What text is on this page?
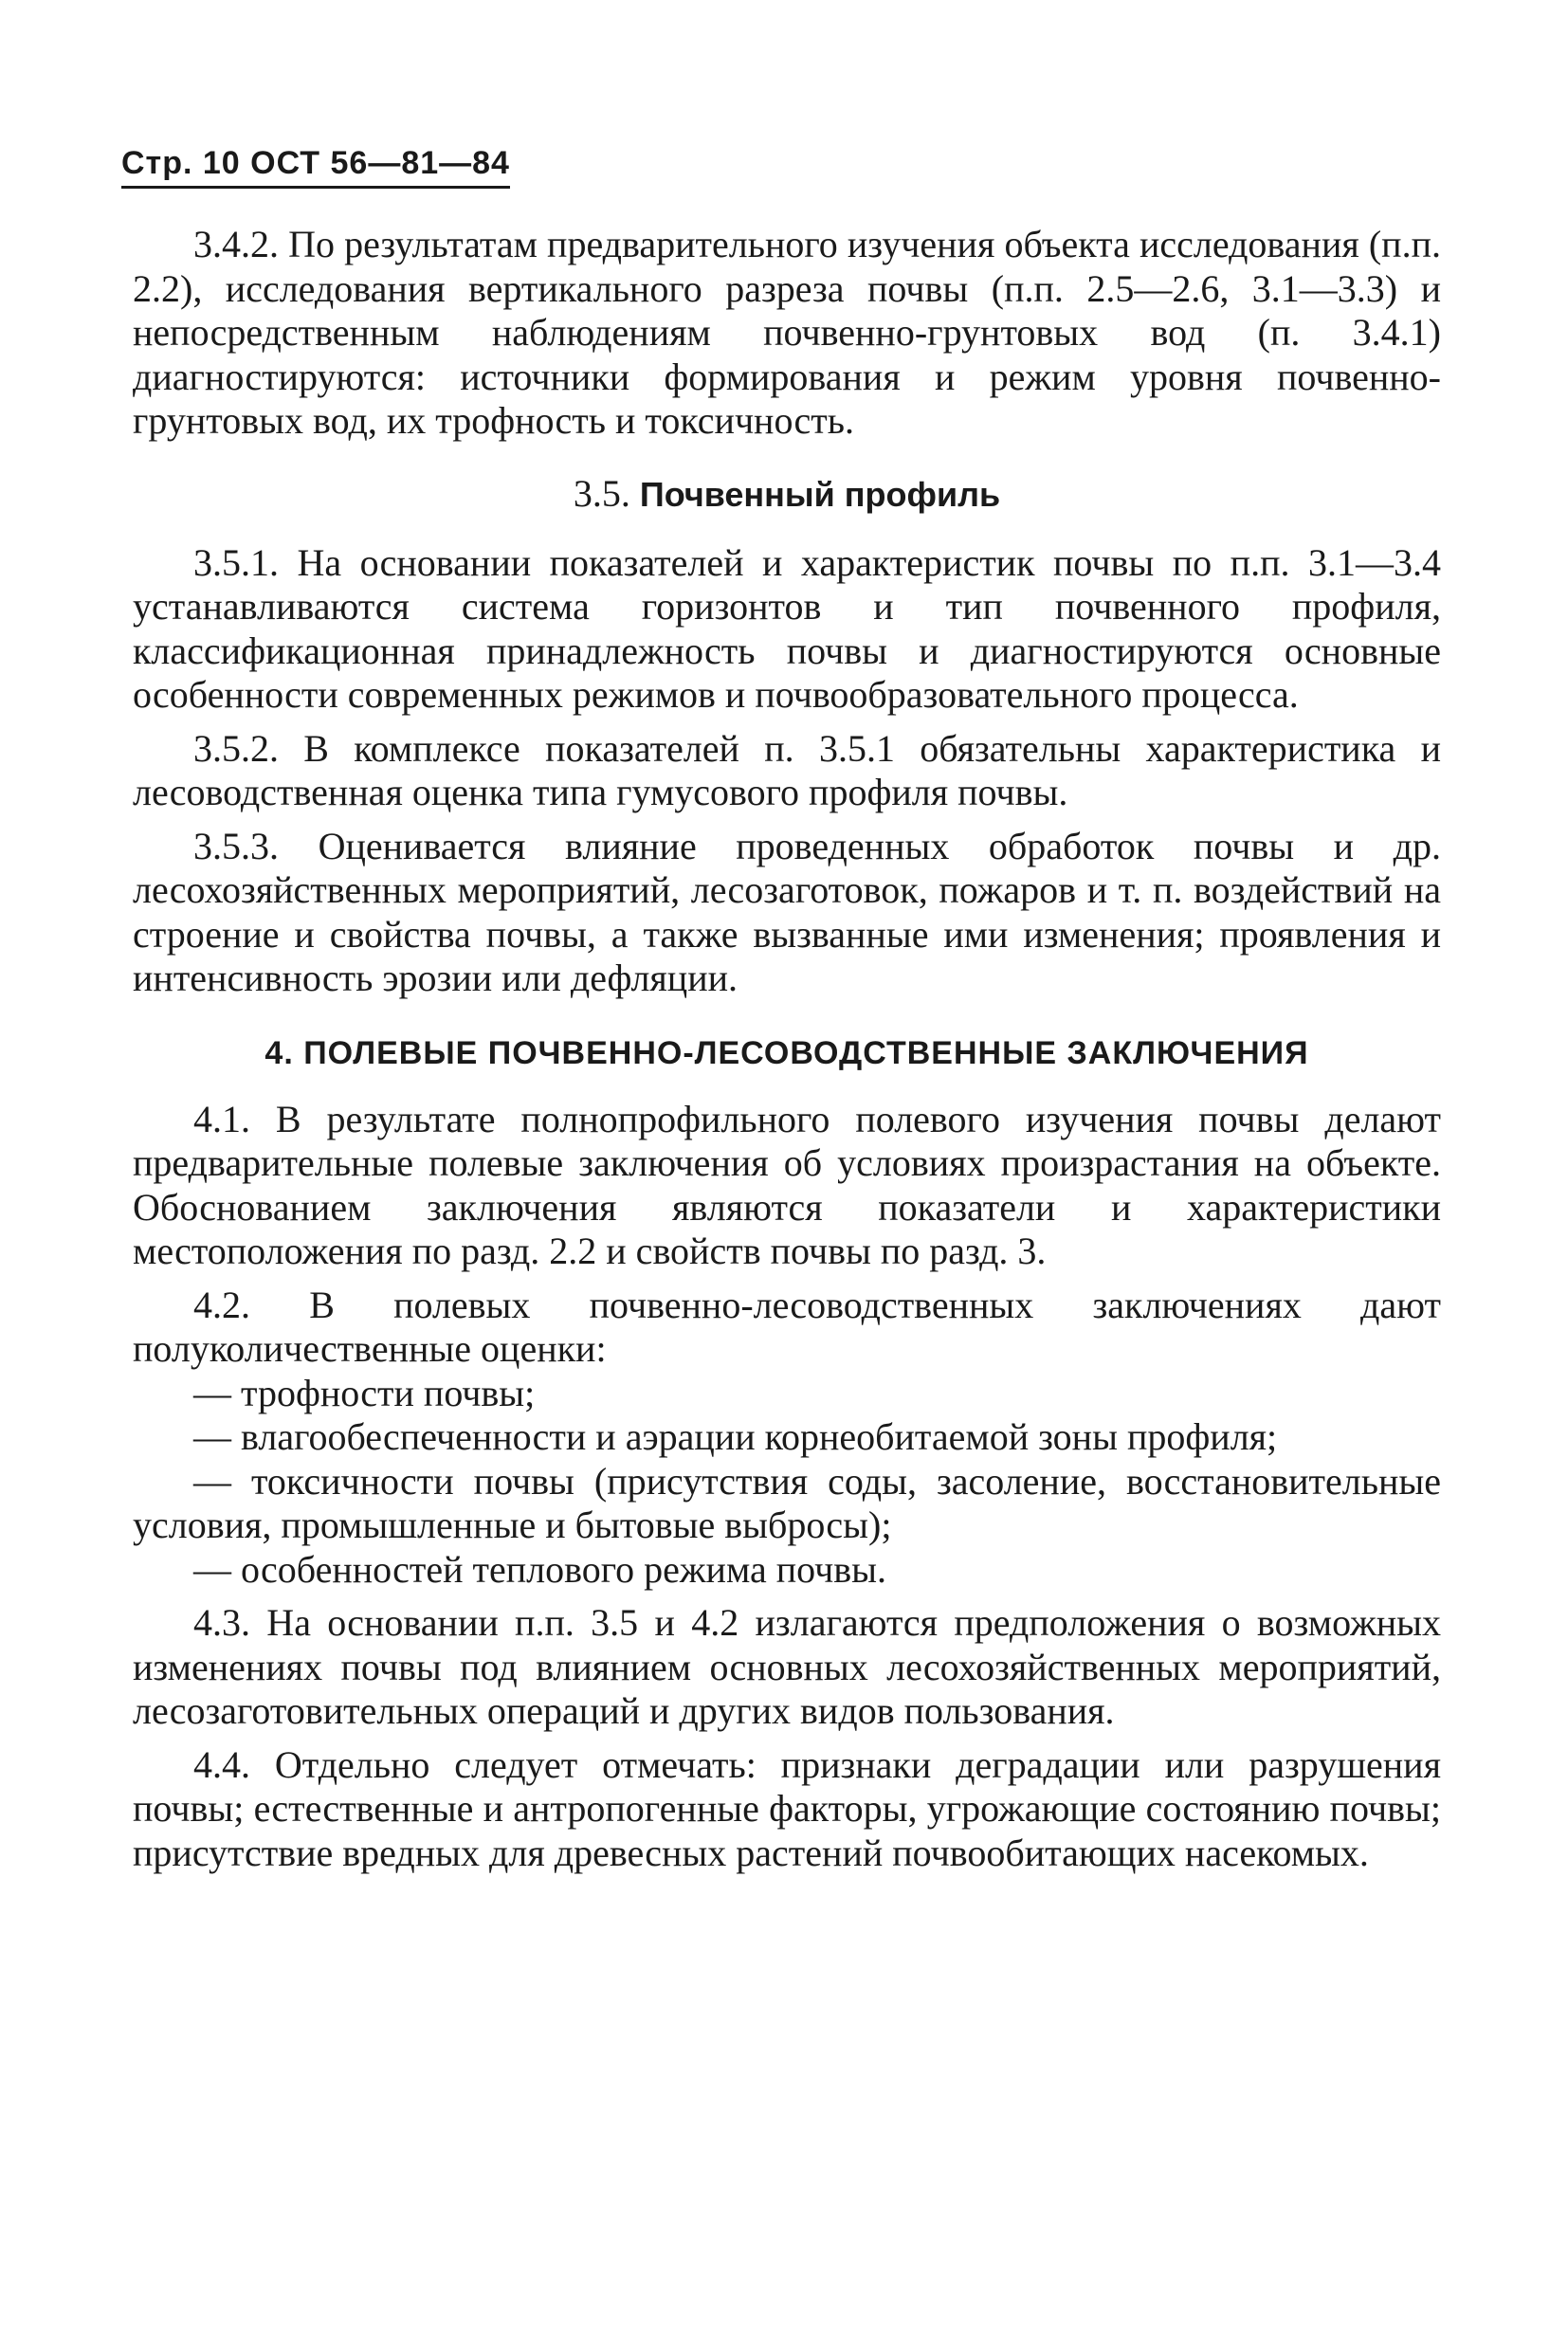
Стр. 10 ОСТ 56—81—84

3.4.2. По результатам предварительного изучения объекта исследования (п.п. 2.2), исследования вертикального разреза почвы (п.п. 2.5—2.6, 3.1—3.3) и непосредственным наблюдениям почвенно-грунтовых вод (п. 3.4.1) диагностируются: источники формирования и режим уровня почвенно-грунтовых вод, их трофность и токсичность.

3.5. Почвенный профиль

3.5.1. На основании показателей и характеристик почвы по п.п. 3.1—3.4 устанавливаются система горизонтов и тип почвенного профиля, классификационная принадлежность почвы и диагностируются основные особенности современных режимов и почвообразовательного процесса.

3.5.2. В комплексе показателей п. 3.5.1 обязательны характеристика и лесоводственная оценка типа гумусового профиля почвы.

3.5.3. Оценивается влияние проведенных обработок почвы и др. лесохозяйственных мероприятий, лесозаготовок, пожаров и т. п. воздействий на строение и свойства почвы, а также вызванные ими изменения; проявления и интенсивность эрозии или дефляции.

4. ПОЛЕВЫЕ ПОЧВЕННО-ЛЕСОВОДСТВЕННЫЕ ЗАКЛЮЧЕНИЯ

4.1. В результате полнопрофильного полевого изучения почвы делают предварительные полевые заключения об условиях произрастания на объекте. Обоснованием заключения являются показатели и характеристики местоположения по разд. 2.2 и свойств почвы по разд. 3.

4.2. В полевых почвенно-лесоводственных заключениях дают полуколичественные оценки:

— трофности почвы;

— влагообеспеченности и аэрации корнеобитаемой зоны профиля;

— токсичности почвы (присутствия соды, засоление, восстановительные условия, промышленные и бытовые выбросы);

— особенностей теплового режима почвы.

4.3. На основании п.п. 3.5 и 4.2 излагаются предположения о возможных изменениях почвы под влиянием основных лесохозяйственных мероприятий, лесозаготовительных операций и других видов пользования.

4.4. Отдельно следует отмечать: признаки деградации или разрушения почвы; естественные и антропогенные факторы, угрожающие состоянию почвы; присутствие вредных для древесных растений почвообитающих насекомых.
